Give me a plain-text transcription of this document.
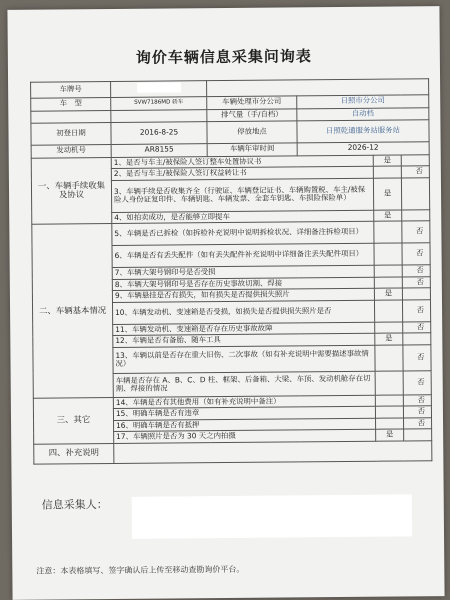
询价车辆信息采集问询表
车牌号					
车　型	SVW7186MD 轿车	车辆处理市分公司	日照市分公司		
		排气量（手/自档）	自动档		
初登日期	2016-8-25	停放地点	日照乾通服务站服务站		
发动机号	AR8155	车辆年审时间	2026-12		
一、车辆手续收集及协议	1、是否与车主/被保险人签订整车处置协议书			是	
	2、是否与车主/被保险人签订权益转让书				否
	3、车辆手续是否收集齐全（行驶证、车辆登记证书、车辆购置税、车主/被保险人身份证复印件、车辆钥匙、车辆发票、全套车钥匙、车损险保险单）			是	
	4、如拍卖成功，是否能够立即提车			是	
二、车辆基本情况	5、车辆是否已拆检（如拆检补充说明中说明拆检状况、详细备注拆检项目）				否
	6、车辆是否有丢失配件（如有丢失配件补充说明中详细备注丢失配件项目）				否
	7、车辆大架号钢印号是否受损				否
	8、车辆大架号钢印号是否存在历史事故切割、焊接				否
	9、车辆悬挂是否有损失，如有损失是否提供损失照片			是	
	10、车辆发动机、变速箱是否受损，如损失是否提供损失照片是否				否
	11、车辆发动机、变速箱是否存在历史事故故障				否
	12、车辆是否有备胎、随车工具			是	
	13、车辆以前是否存在重大旧伤、二次事故（如有补充说明中需要描述事故情况）				否
	车辆是否存在 A、B、C、D 柱、框架、后备箱、大梁、车顶、发动机舱存在切割、焊接的情况				否
三、其它	14、车辆是否有其他费用（如有补充说明中备注）				否
	15、明确车辆是否有违章				否
	16、明确车辆是否有抵押				否
	17、车辆照片是否为 30 天之内拍摄			是	
四、补充说明					
信息采集人：
注意：本表格填写、签字确认后上传至移动查勘询价平台。
